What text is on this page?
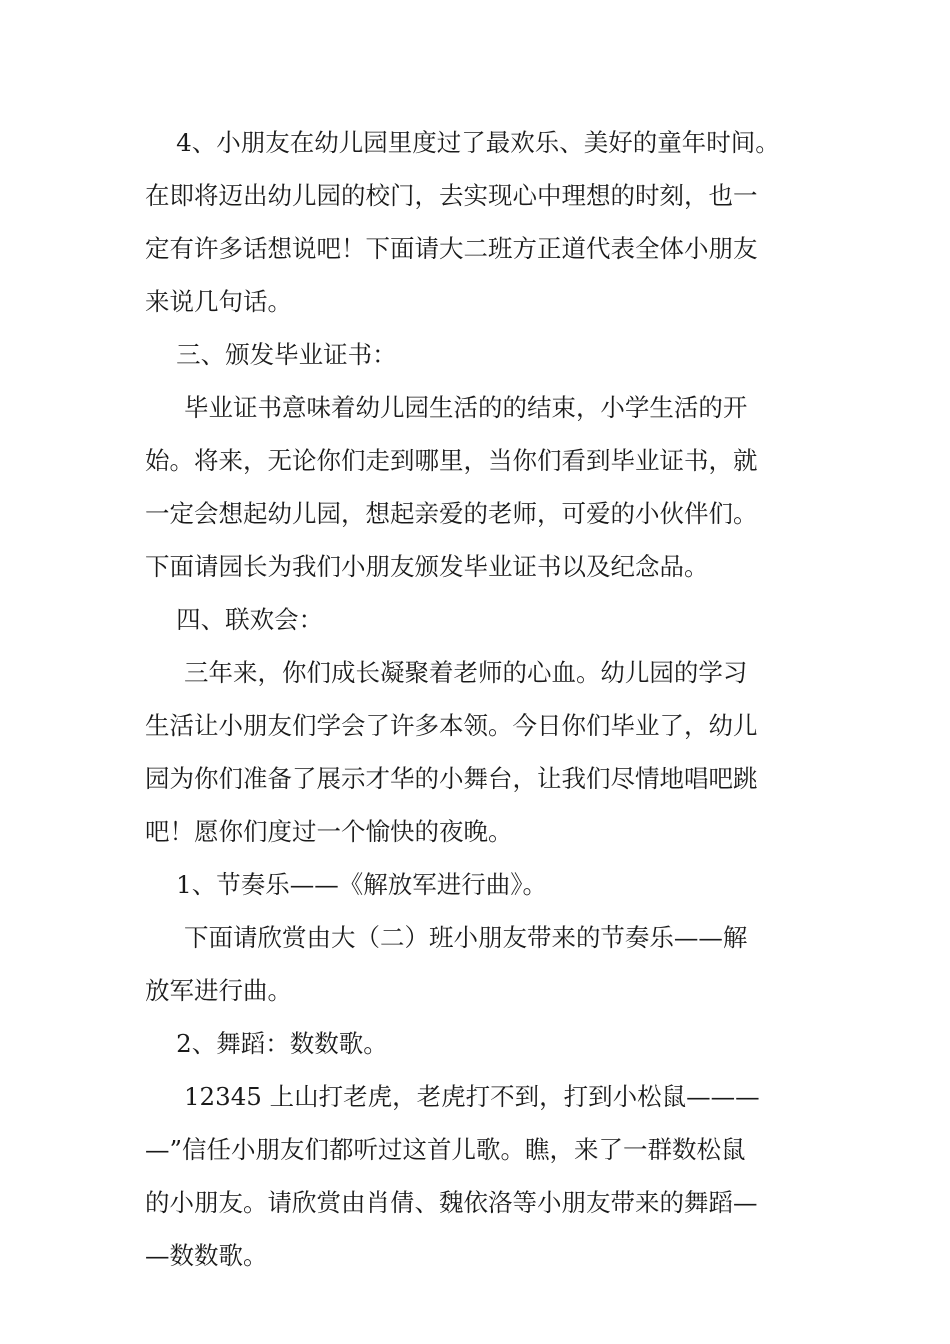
4、小朋友在幼儿园里度过了最欢乐、美好的童年时间。
在即将迈出幼儿园的校门，去实现心中理想的时刻，也一
定有许多话想说吧！下面请大二班方正道代表全体小朋友
来说几句话。
三、颁发毕业证书：
毕业证书意味着幼儿园生活的的结束，小学生活的开
始。将来，无论你们走到哪里，当你们看到毕业证书，就
一定会想起幼儿园，想起亲爱的老师，可爱的小伙伴们。
下面请园长为我们小朋友颁发毕业证书以及纪念品。
四、联欢会：
三年来，你们成长凝聚着老师的心血。幼儿园的学习
生活让小朋友们学会了许多本领。今日你们毕业了，幼儿
园为你们准备了展示才华的小舞台，让我们尽情地唱吧跳
吧！愿你们度过一个愉快的夜晚。
1、节奏乐——《解放军进行曲》。
下面请欣赏由大（二）班小朋友带来的节奏乐——解
放军进行曲。
2、舞蹈：数数歌。
12345 上山打老虎，老虎打不到，打到小松鼠———
—”信任小朋友们都听过这首儿歌。瞧，来了一群数松鼠
的小朋友。请欣赏由肖倩、魏依洛等小朋友带来的舞蹈—
—数数歌。
